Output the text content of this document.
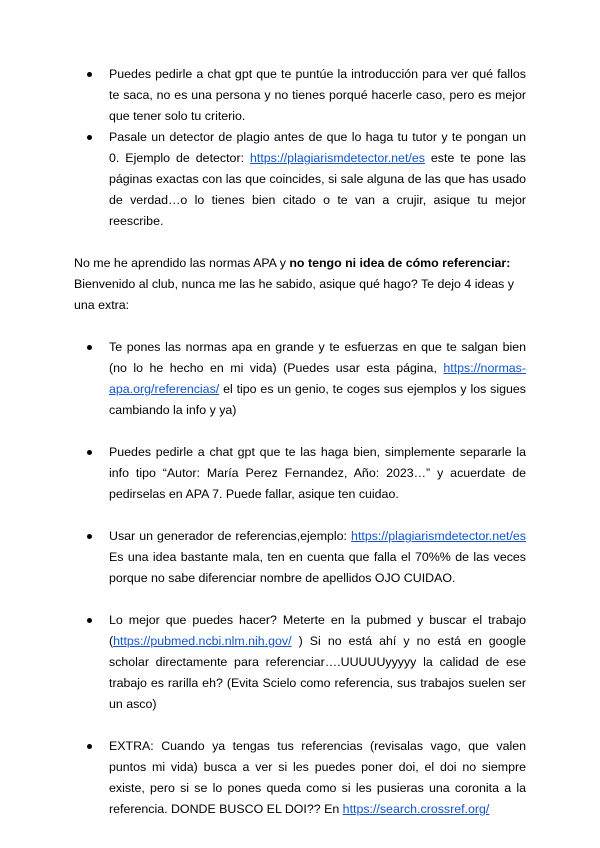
Puedes pedirle a chat gpt que te puntúe la introducción para ver qué fallos te saca, no es una persona y no tienes porqué hacerle caso, pero es mejor que tener solo tu criterio.
Pasale un detector de plagio antes de que lo haga tu tutor y te pongan un 0. Ejemplo de detector: https://plagiarismdetector.net/es este te pone las páginas exactas con las que coincides, si sale alguna de las que has usado de verdad…o lo tienes bien citado o te van a crujir, asique tu mejor reescribe.

No me he aprendido las normas APA y no tengo ni idea de cómo referenciar: Bienvenido al club, nunca me las he sabido, asique qué hago? Te dejo 4 ideas y una extra:

Te pones las normas apa en grande y te esfuerzas en que te salgan bien (no lo he hecho en mi vida) (Puedes usar esta página, https://normas-apa.org/referencias/ el tipo es un genio, te coges sus ejemplos y los sigues cambiando la info y ya)
Puedes pedirle a chat gpt que te las haga bien, simplemente separarle la info tipo “Autor: María Perez Fernandez, Año: 2023…” y acuerdate de pedirselas en APA 7. Puede fallar, asique ten cuidao.
Usar un generador de referencias,ejemplo: https://plagiarismdetector.net/es Es una idea bastante mala, ten en cuenta que falla el 70%% de las veces porque no sabe diferenciar nombre de apellidos OJO CUIDAO.
Lo mejor que puedes hacer? Meterte en la pubmed y buscar el trabajo (https://pubmed.ncbi.nlm.nih.gov/ ) Si no está ahí y no está en google scholar directamente para referenciar….UUUUUyyyyy la calidad de ese trabajo es rarilla eh? (Evita Scielo como referencia, sus trabajos suelen ser un asco)
EXTRA: Cuando ya tengas tus referencias (revisalas vago, que valen puntos mi vida) busca a ver si les puedes poner doi, el doi no siempre existe, pero si se lo pones queda como si les pusieras una coronita a la referencia. DONDE BUSCO EL DOI?? En https://search.crossref.org/
